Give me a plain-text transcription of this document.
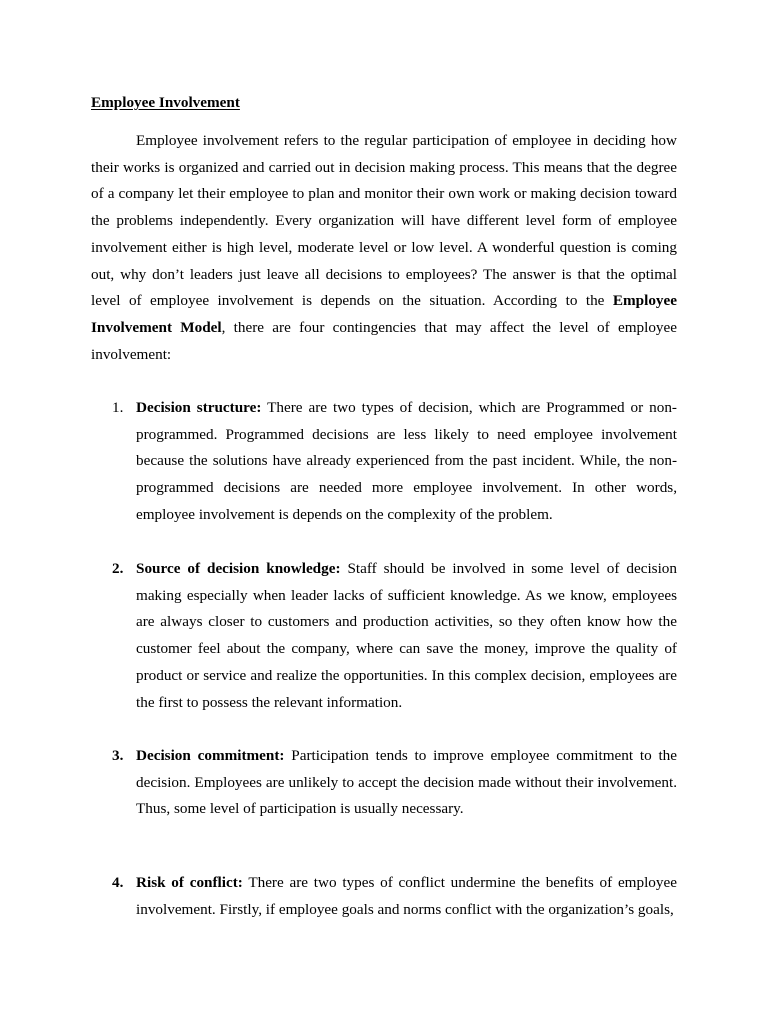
Employee Involvement

Employee involvement refers to the regular participation of employee in deciding how their works is organized and carried out in decision making process. This means that the degree of a company let their employee to plan and monitor their own work or making decision toward the problems independently. Every organization will have different level form of employee involvement either is high level, moderate level or low level. A wonderful question is coming out, why don’t leaders just leave all decisions to employees? The answer is that the optimal level of employee involvement is depends on the situation. According to the Employee Involvement Model, there are four contingencies that may affect the level of employee involvement:

1. Decision structure: There are two types of decision, which are Programmed or non-programmed. Programmed decisions are less likely to need employee involvement because the solutions have already experienced from the past incident. While, the non-programmed decisions are needed more employee involvement. In other words, employee involvement is depends on the complexity of the problem.

2. Source of decision knowledge: Staff should be involved in some level of decision making especially when leader lacks of sufficient knowledge. As we know, employees are always closer to customers and production activities, so they often know how the customer feel about the company, where can save the money, improve the quality of product or service and realize the opportunities. In this complex decision, employees are the first to possess the relevant information.

3. Decision commitment: Participation tends to improve employee commitment to the decision. Employees are unlikely to accept the decision made without their involvement. Thus, some level of participation is usually necessary.

4. Risk of conflict: There are two types of conflict undermine the benefits of employee involvement. Firstly, if employee goals and norms conflict with the organization’s goals,
